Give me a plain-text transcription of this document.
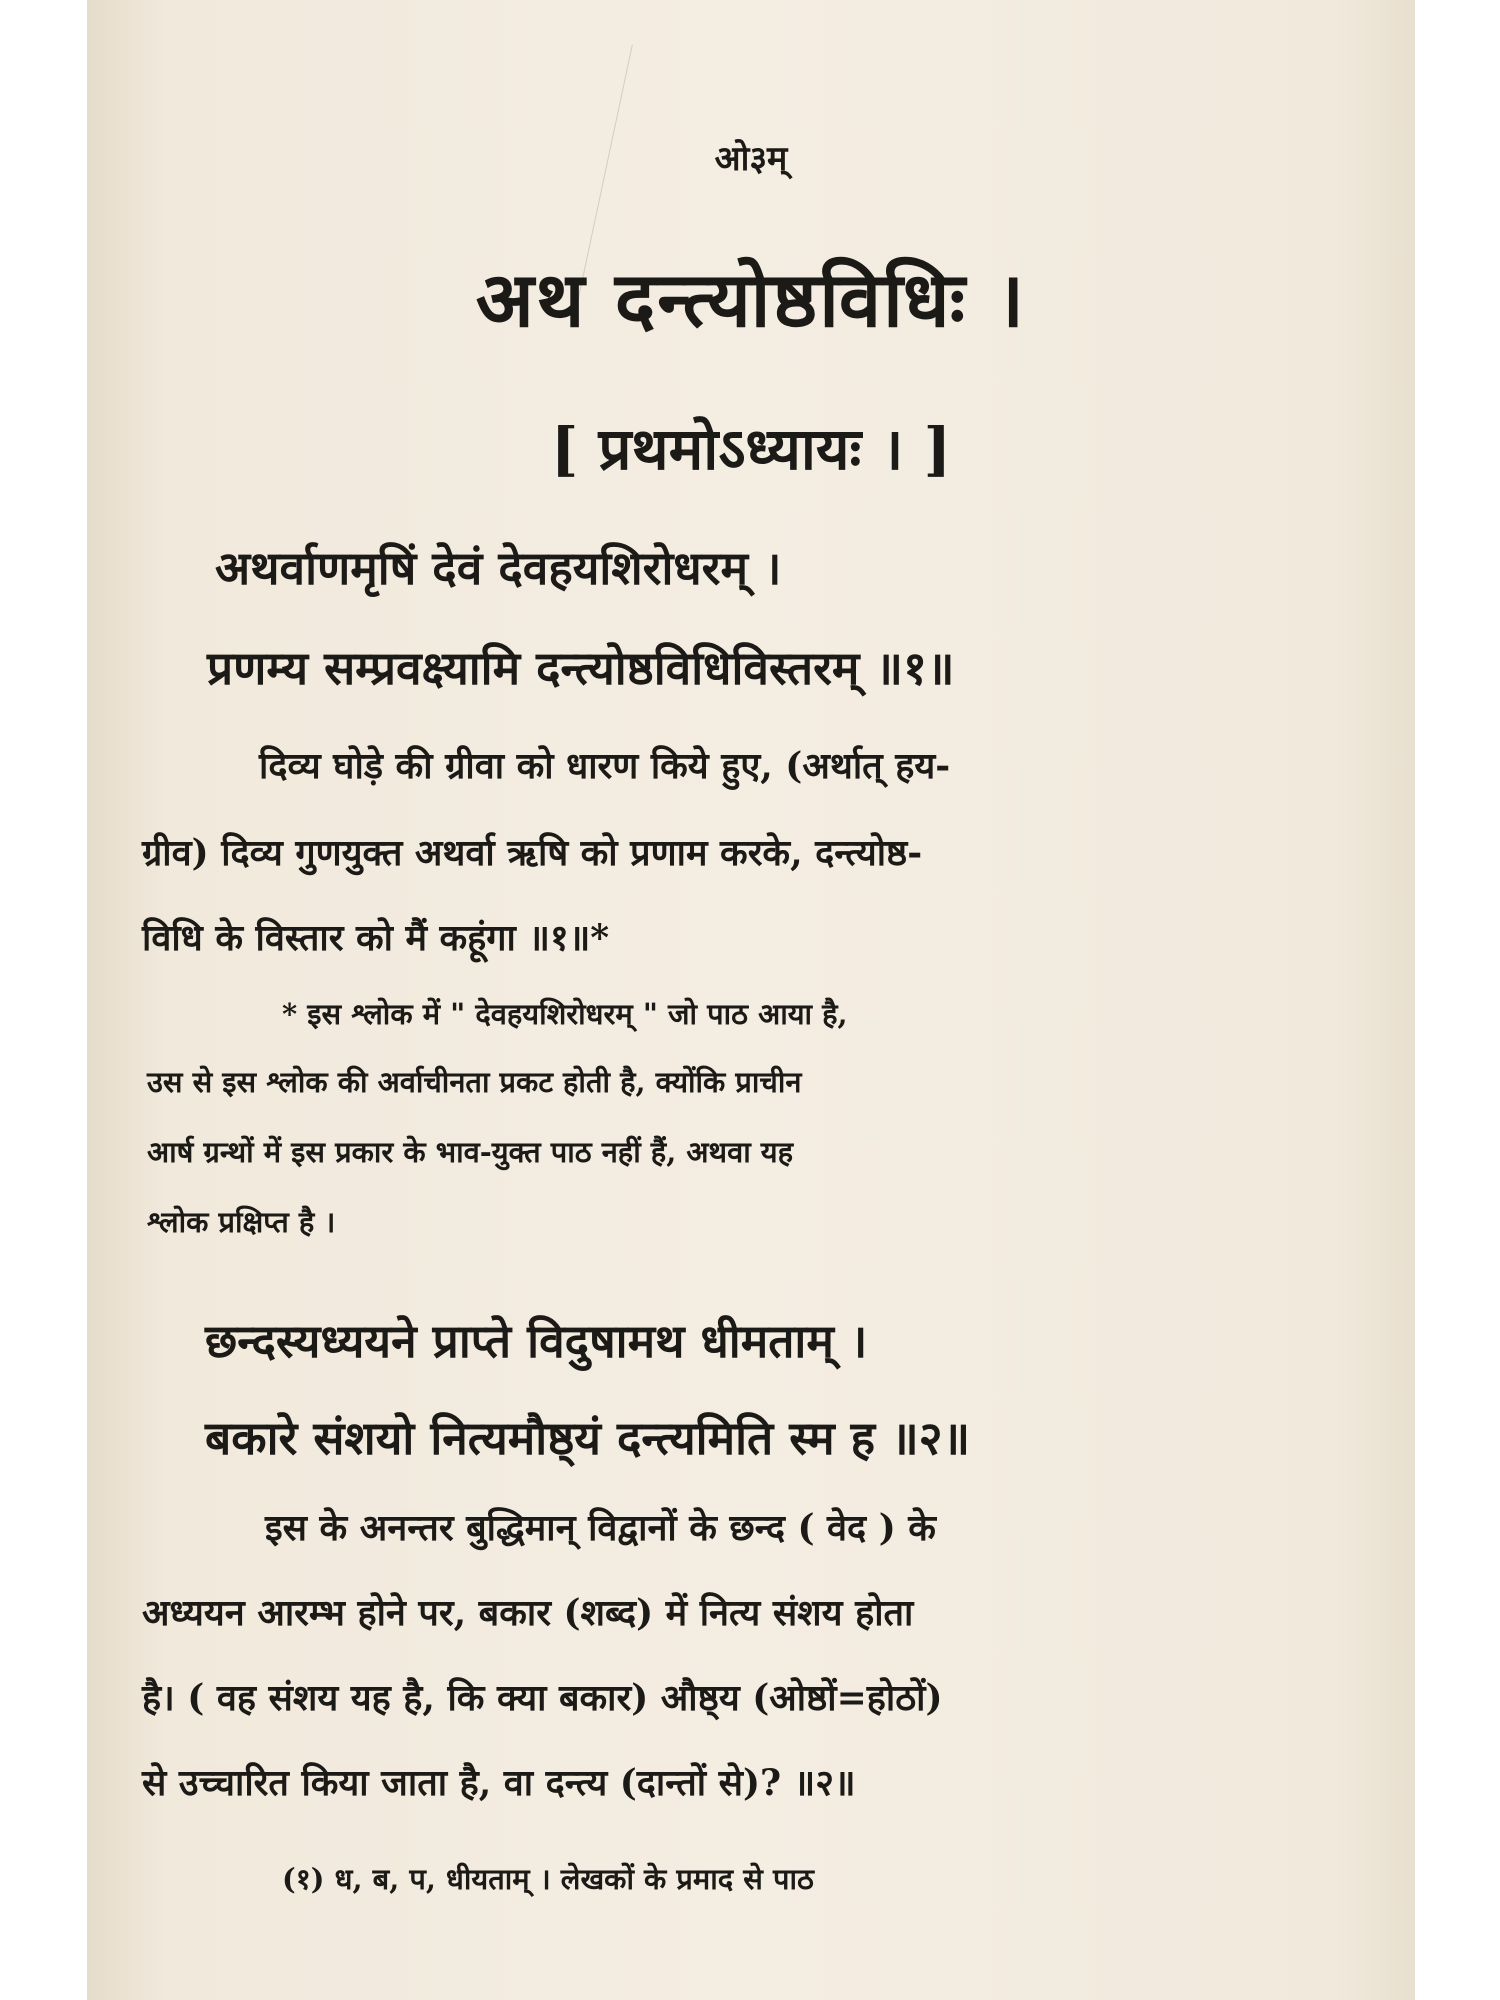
ओ३म्
अथ दन्त्योष्ठविधिः ।
[ प्रथमोऽध्यायः । ]
अथर्वाणमृषिं देवं देवहयशिरोधरम् ।
प्रणम्य सम्प्रवक्ष्यामि दन्त्योष्ठविधिविस्तरम् ॥१॥
दिव्य घोड़े की ग्रीवा को धारण किये हुए, (अर्थात् हय-
ग्रीव) दिव्य गुणयुक्त अथर्वा ऋषि को प्रणाम करके, दन्त्योष्ठ-
विधि के विस्तार को मैं कहूंगा ॥१॥*
* इस श्लोक में " देवहयशिरोधरम् " जो पाठ आया है,
उस से इस श्लोक की अर्वाचीनता प्रकट होती है, क्योंकि प्राचीन
आर्ष ग्रन्थों में इस प्रकार के भाव-युक्त पाठ नहीं हैं, अथवा यह
श्लोक प्रक्षिप्त है ।
छन्दस्यध्ययने प्राप्ते विदुषामथ धीमताम् ।
बकारे संशयो नित्यमौष्ठ्यं दन्त्यमिति स्म ह ॥२॥
इस के अनन्तर बुद्धिमान् विद्वानों के छन्द ( वेद ) के
अध्ययन आरम्भ होने पर, बकार (शब्द) में नित्य संशय होता
है। ( वह संशय यह है, कि क्या बकार) औष्ठ्य (ओष्ठों=होठों)
से उच्चारित किया जाता है, वा दन्त्य (दान्तों से)? ॥२॥
(१) ध, ब, प, धीयताम् । लेखकों के प्रमाद से पाठ
